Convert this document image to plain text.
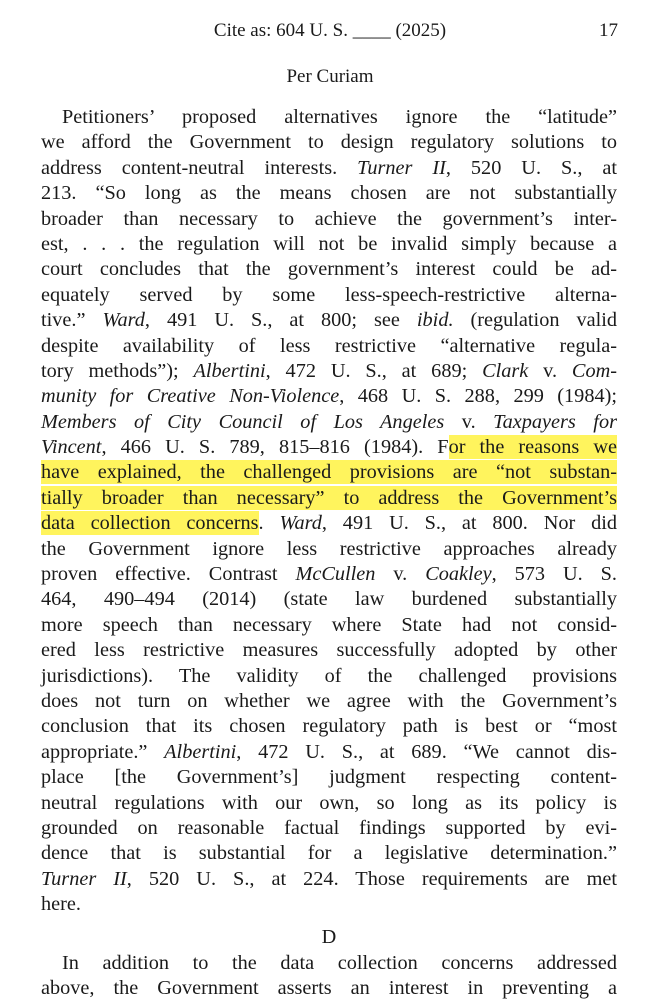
Cite as: 604 U. S. ____ (2025)	17
Per Curiam
Petitioners’ proposed alternatives ignore the “latitude”
we afford the Government to design regulatory solutions to
address content-neutral interests. Turner II, 520 U. S., at
213. “So long as the means chosen are not substantially
broader than necessary to achieve the government’s inter-
est, . . . the regulation will not be invalid simply because a
court concludes that the government’s interest could be ad-
equately served by some less-speech-restrictive alterna-
tive.” Ward, 491 U. S., at 800; see ibid. (regulation valid
despite availability of less restrictive “alternative regula-
tory methods”); Albertini, 472 U. S., at 689; Clark v. Com-
munity for Creative Non-Violence, 468 U. S. 288, 299 (1984);
Members of City Council of Los Angeles v. Taxpayers for
Vincent, 466 U. S. 789, 815–816 (1984). For the reasons we
have explained, the challenged provisions are “not substan-
tially broader than necessary” to address the Government’s
data collection concerns. Ward, 491 U. S., at 800. Nor did
the Government ignore less restrictive approaches already
proven effective. Contrast McCullen v. Coakley, 573 U. S.
464, 490–494 (2014) (state law burdened substantially
more speech than necessary where State had not consid-
ered less restrictive measures successfully adopted by other
jurisdictions). The validity of the challenged provisions
does not turn on whether we agree with the Government’s
conclusion that its chosen regulatory path is best or “most
appropriate.” Albertini, 472 U. S., at 689. “We cannot dis-
place [the Government’s] judgment respecting content-
neutral regulations with our own, so long as its policy is
grounded on reasonable factual findings supported by evi-
dence that is substantial for a legislative determination.”
Turner II, 520 U. S., at 224. Those requirements are met
here.
D
In addition to the data collection concerns addressed
above, the Government asserts an interest in preventing a
